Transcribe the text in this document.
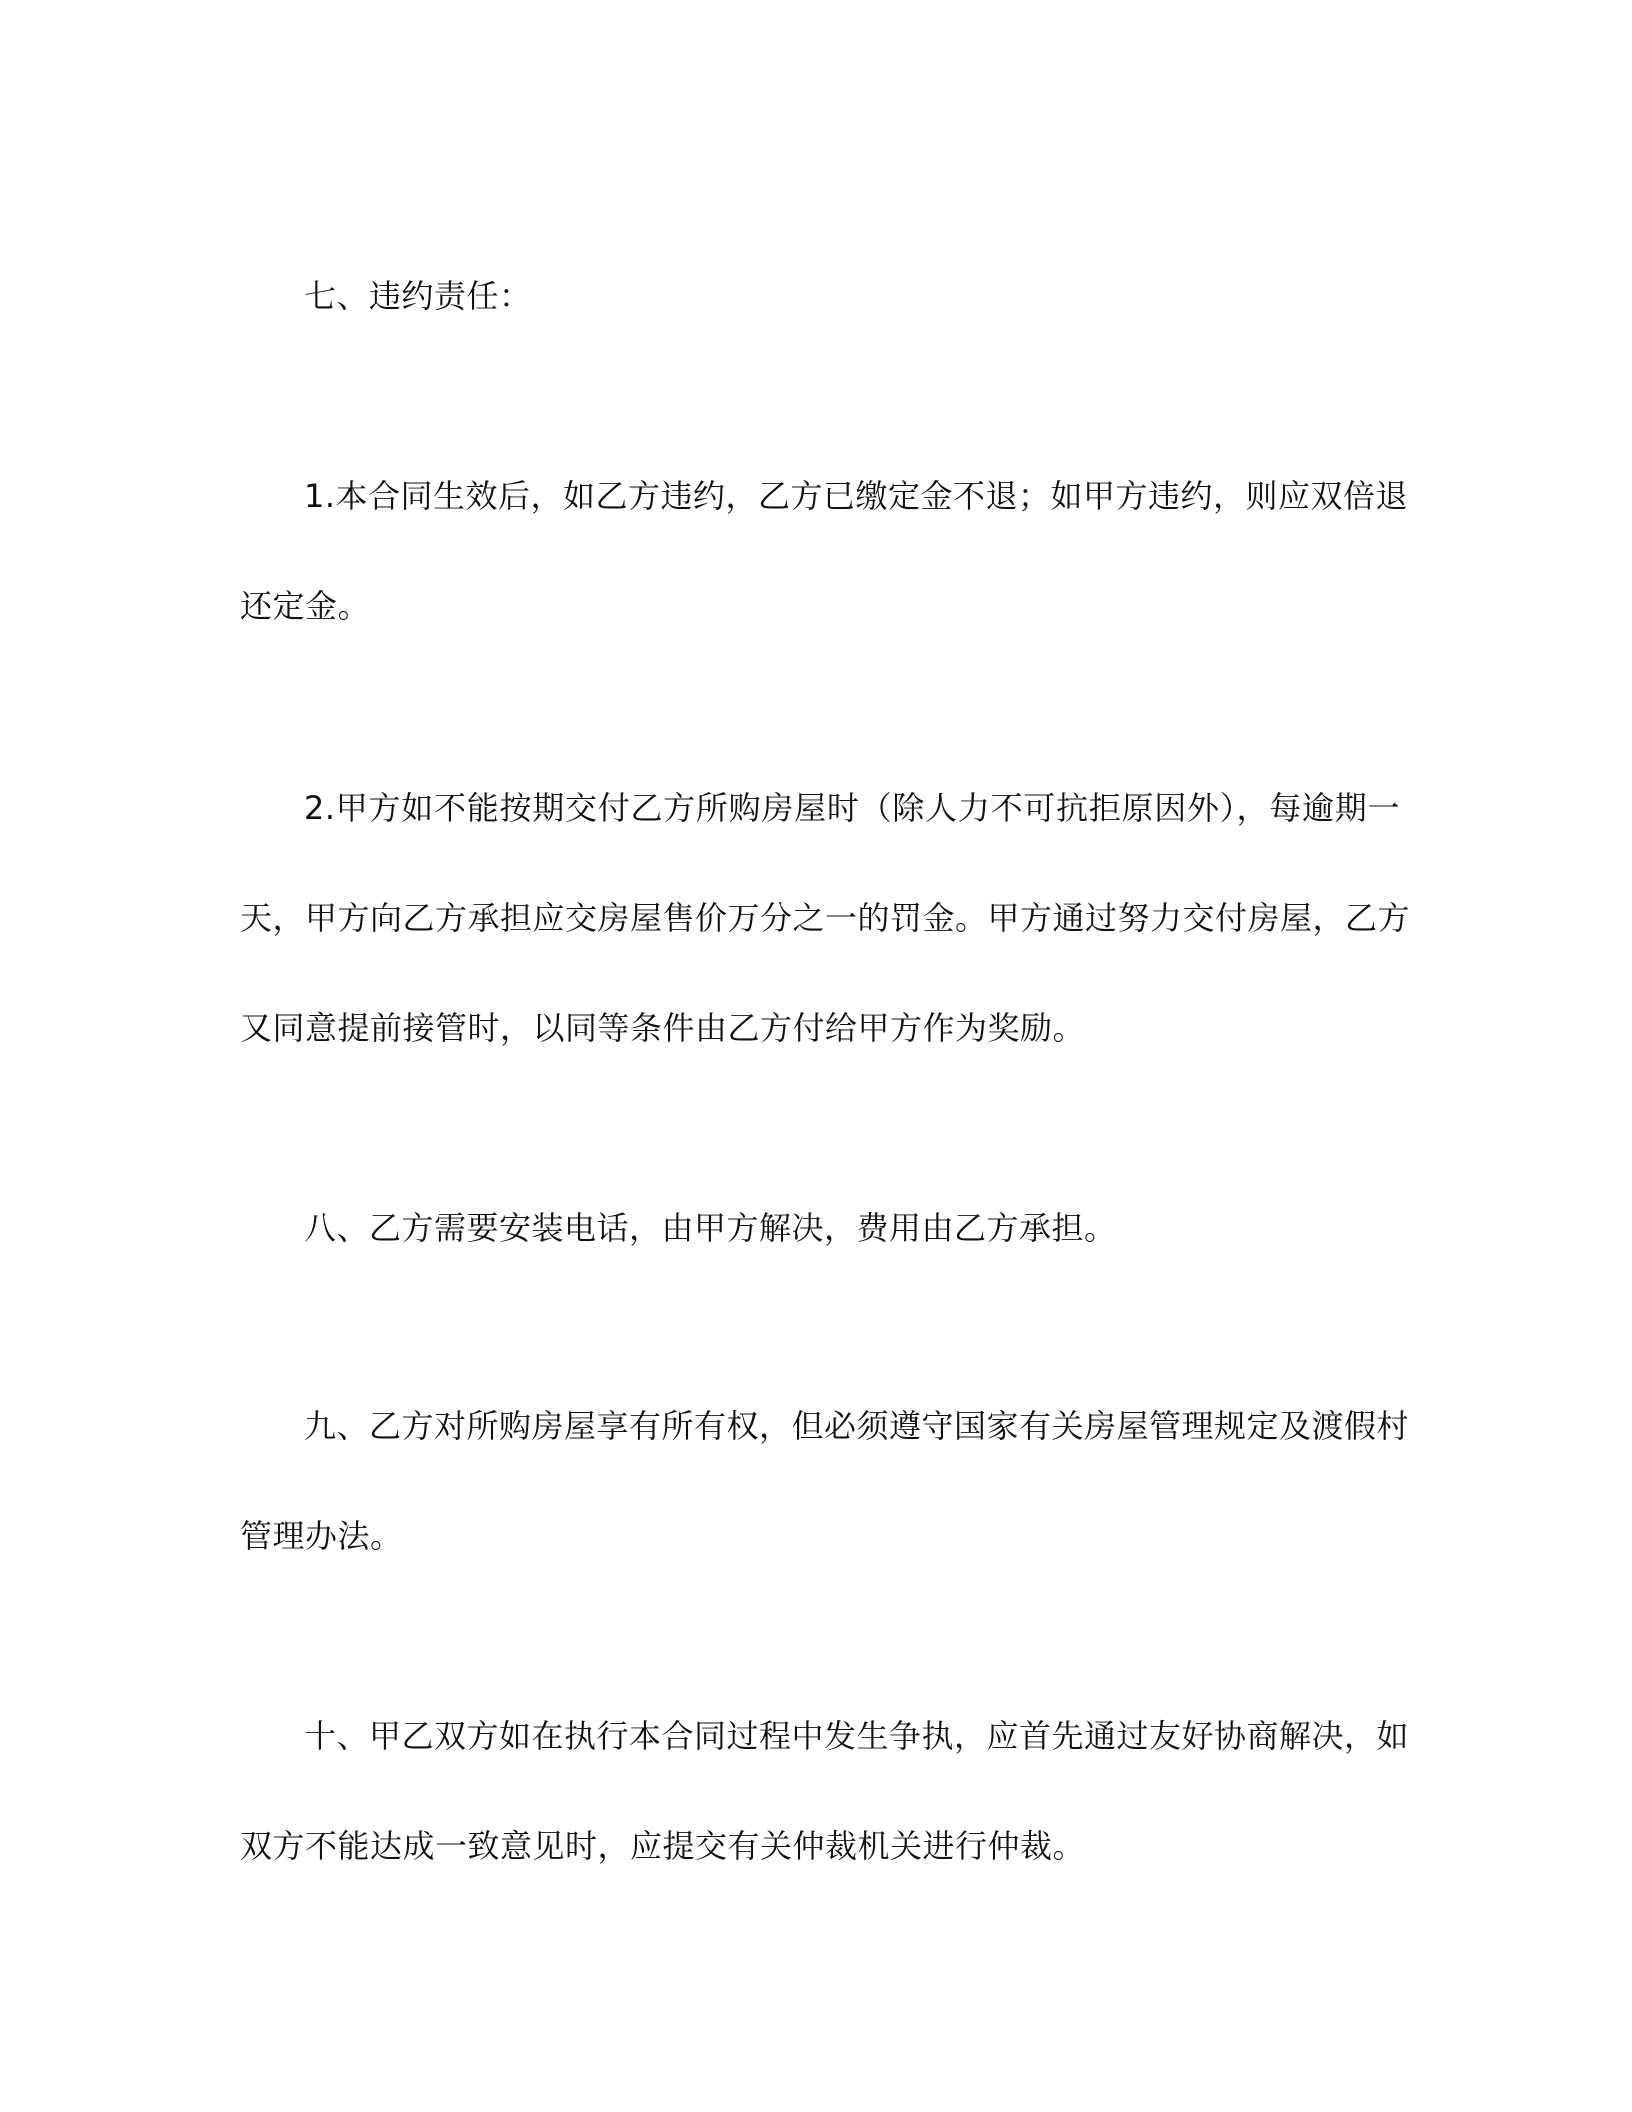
七、违约责任：
1.本合同生效后，如乙方违约，乙方已缴定金不退；如甲方违约，则应双倍退
还定金。
2.甲方如不能按期交付乙方所购房屋时（除人力不可抗拒原因外），每逾期一
天，甲方向乙方承担应交房屋售价万分之一的罚金。甲方通过努力交付房屋，乙方
又同意提前接管时，以同等条件由乙方付给甲方作为奖励。
八、乙方需要安装电话，由甲方解决，费用由乙方承担。
九、乙方对所购房屋享有所有权，但必须遵守国家有关房屋管理规定及渡假村
管理办法。
十、甲乙双方如在执行本合同过程中发生争执，应首先通过友好协商解决，如
双方不能达成一致意见时，应提交有关仲裁机关进行仲裁。
